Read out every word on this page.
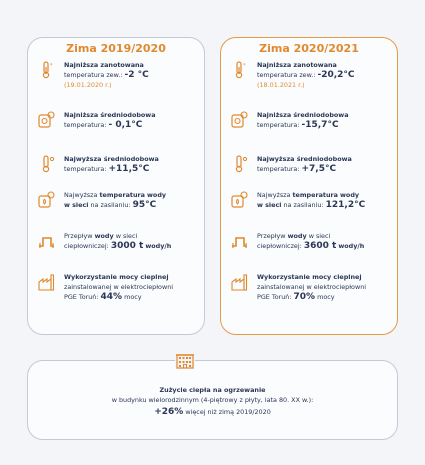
Zima 2019/2020
* Najniższa zanotowana
temperatura zew.: -2 °C
(19.01.2020 r.)
Najniższa średniodobowa
temperatura: - 0,1°C
Najwyższa średniodobowa
temperatura: +11,5°C
Najwyższa temperatura wody
w sieci na zasilaniu: 95°C
Przepływ wody w sieci
ciepłowniczej: 3000 t wody/h
Wykorzystanie mocy cieplnej
zainstalowanej w elektrociepłowni
PGE Toruń: 44% mocy
Zima 2020/2021
* Najniższa zanotowana
temperatura zew.: -20,2°C
(18.01.2021 r.)
Najniższa średniodobowa
temperatura: -15,7°C
Najwyższa średniodobowa
temperatura: +7,5°C
Najwyższa temperatura wody
w sieci na zasilaniu: 121,2°C
Przepływ wody w sieci
ciepłowniczej: 3600 t wody/h
Wykorzystanie mocy cieplnej
zainstalowanej w elektrociepłowni
PGE Toruń: 70% mocy
Zużycie ciepła na ogrzewanie
w budynku wielorodzinnym (4-piętrowy z płyty, lata 80. XX w.):
+26% więcej niż zimą 2019/2020
